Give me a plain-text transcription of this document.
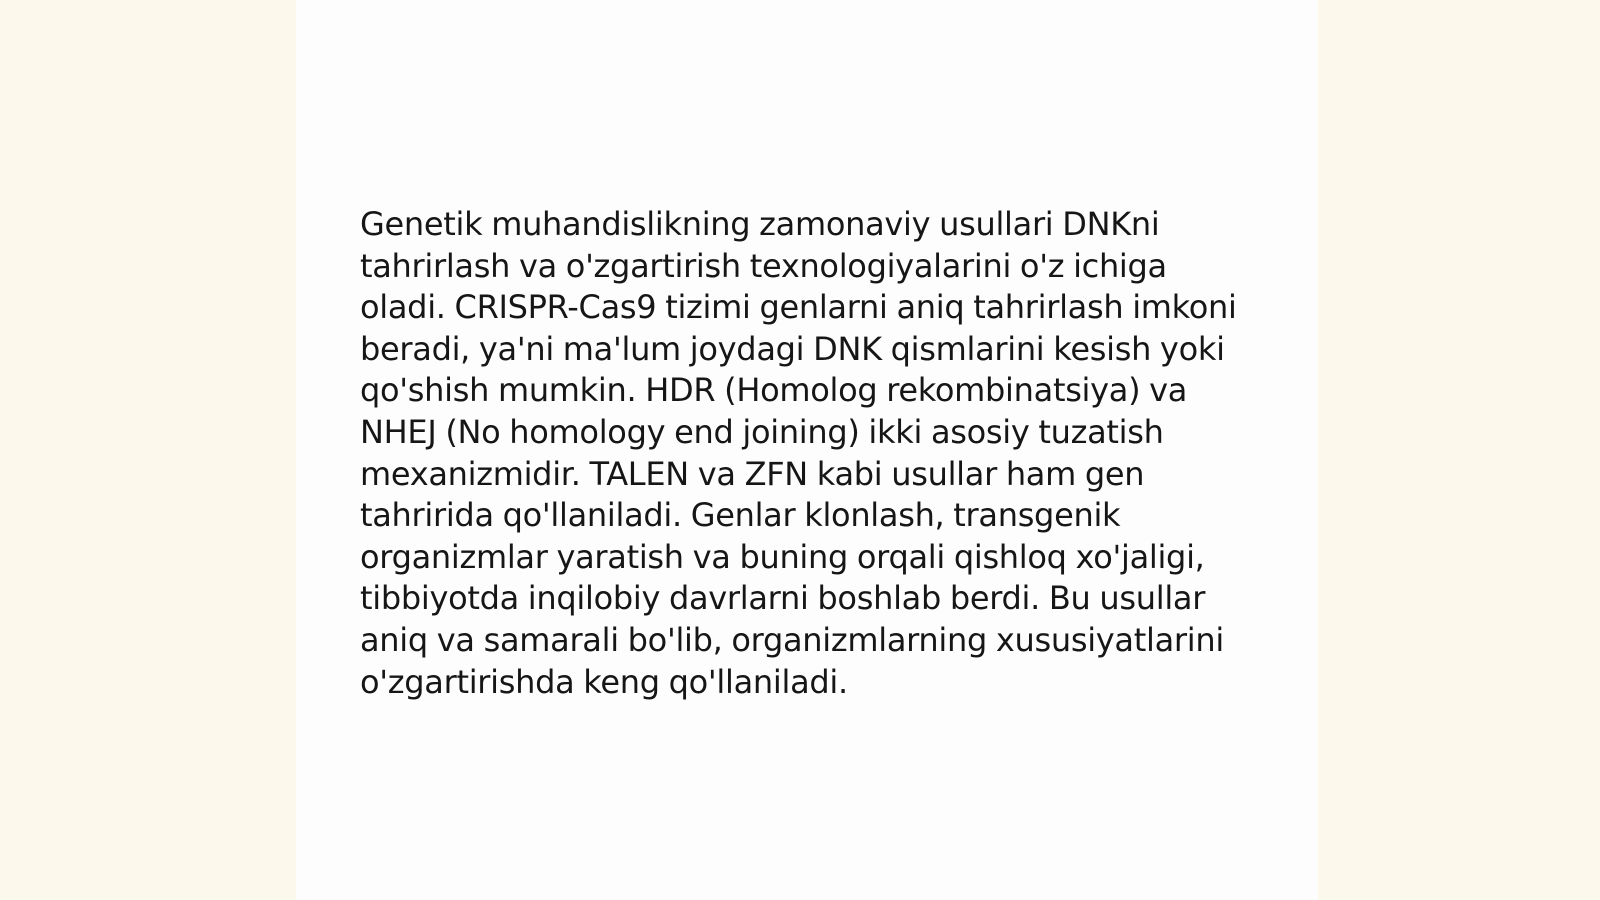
Genetik muhandislikning zamonaviy usullari DNKni tahrirlash va o'zgartirish texnologiyalarini o'z ichiga oladi. CRISPR-Cas9 tizimi genlarni aniq tahrirlash imkoni beradi, ya'ni ma'lum joydagi DNK qismlarini kesish yoki qo'shish mumkin. HDR (Homolog rekombinatsiya) va NHEJ (No homology end joining) ikki asosiy tuzatish mexanizmidir. TALEN va ZFN kabi usullar ham gen tahririda qo'llaniladi. Genlar klonlash, transgenik organizmlar yaratish va buning orqali qishloq xo'jaligi, tibbiyotda inqilobiy davrlarni boshlab berdi. Bu usullar aniq va samarali bo'lib, organizmlarning xususiyatlarini o'zgartirishda keng qo'llaniladi.
